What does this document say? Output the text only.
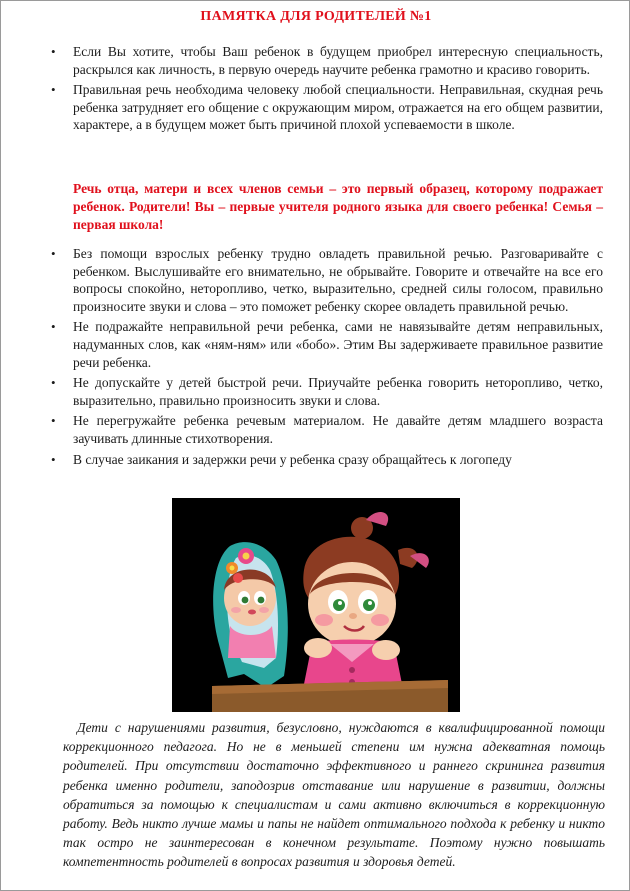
ПАМЯТКА ДЛЯ РОДИТЕЛЕЙ №1
• Если Вы хотите, чтобы Ваш ребенок в будущем приобрел интересную специальность, раскрылся как личность, в первую очередь научите ребенка грамотно и красиво говорить.
• Правильная речь необходима человеку любой специальности. Неправильная, скудная речь ребенка затрудняет его общение с окружающим миром, отражается на его общем развитии, характере, а в будущем может быть причиной плохой успеваемости в школе.

Речь отца, матери и всех членов семьи – это первый образец, которому подражает ребенок. Родители! Вы – первые учителя родного языка для своего ребенка! Семья – первая школа!

• Без помощи взрослых ребенку трудно овладеть правильной речью. Разговаривайте с ребенком. Выслушивайте его внимательно, не обрывайте. Говорите и отвечайте на все его вопросы спокойно, неторопливо, четко, выразительно, средней силы голосом, правильно произносите звуки и слова – это поможет ребенку скорее овладеть правильной речью.
• Не подражайте неправильной речи ребенка, сами не навязывайте детям неправильных, надуманных слов, как «ням-ням» или «бобо». Этим Вы задерживаете правильное развитие речи ребенка.
• Не допускайте у детей быстрой речи. Приучайте ребенка говорить неторопливо, четко, выразительно, правильно произносить звуки и слова.
• Не перегружайте ребенка речевым материалом. Не давайте детям младшего возраста заучивать длинные стихотворения.
• В случае заикания и задержки речи у ребенка сразу обращайтесь к логопеду

Дети с нарушениями развития, безусловно, нуждаются в квалифицированной помощи коррекционного педагога. Но не в меньшей степени им нужна адекватная помощь родителей. При отсутствии достаточно эффективного и раннего скрининга развития ребенка именно родители, заподозрив отставание или нарушение в развитии, должны обратиться за помощью к специалистам и сами активно включиться в коррекционную работу. Ведь никто лучше мамы и папы не найдет оптимального подхода к ребенку и никто так остро не заинтересован в конечном результате. Поэтому нужно повышать компетентность родителей в вопросах развития и здоровья детей.
